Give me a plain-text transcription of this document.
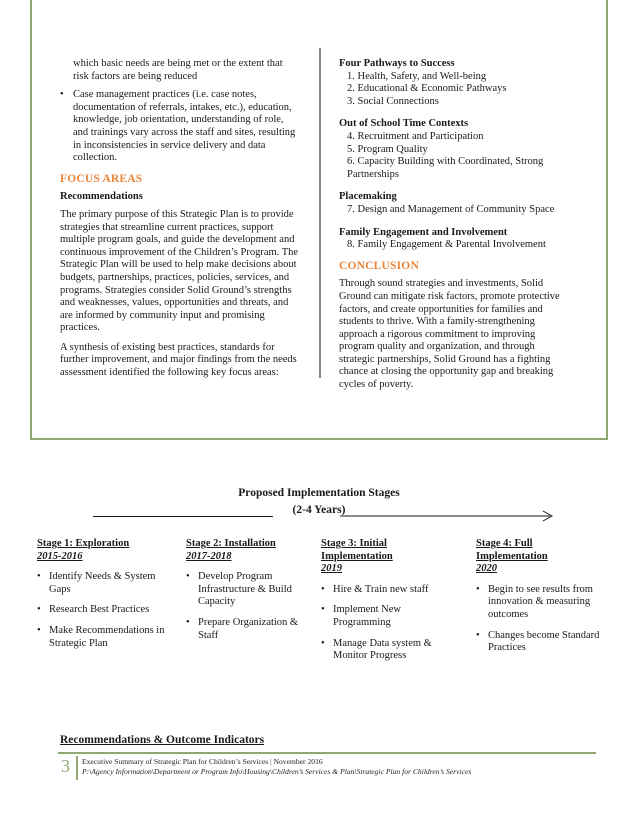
which basic needs are being met or the extent that risk factors are being reduced

• Case management practices (i.e. case notes, documentation of referrals, intakes, etc.), education, knowledge, job orientation, understanding of role, and trainings vary across the staff and sites, resulting in inconsistencies in service delivery and data collection.
FOCUS AREAS
Recommendations

The primary purpose of this Strategic Plan is to provide strategies that streamline current practices, support multiple program goals, and guide the development and continuous improvement of the Children’s Program. The Strategic Plan will be used to help make decisions about budgets, partnerships, practices, policies, services, and programs. Strategies consider Solid Ground’s strengths and weaknesses, values, opportunities and threats, and are informed by community input and promising practices.

A synthesis of existing best practices, standards for further improvement, and major findings from the needs assessment identified the following key focus areas:

Four Pathways to Success
1. Health, Safety, and Well-being
2. Educational & Economic Pathways
3. Social Connections
Out of School Time Contexts
4. Recruitment and Participation
5. Program Quality
6. Capacity Building with Coordinated, Strong Partnerships
Placemaking
7. Design and Management of Community Space
Family Engagement and Involvement
8. Family Engagement & Parental Involvement
CONCLUSION

Through sound strategies and investments, Solid Ground can mitigate risk factors, promote protective factors, and create opportunities for families and students to thrive. With a family-strengthening approach a rigorous commitment to improving program quality and organization, and through strategic partnerships, Solid Ground has a fighting chance at closing the opportunity gap and breaking cycles of poverty.

Proposed Implementation Stages
(2-4 Years)
Stage 1: Exploration
2015-2016
• Identify Needs & System Gaps
• Research Best Practices
• Make Recommendations in Strategic Plan
Stage 2: Installation
2017-2018
• Develop Program Infrastructure & Build Capacity
• Prepare Organization & Staff
Stage 3: Initial Implementation
2019
• Hire & Train new staff
• Implement New Programming
• Manage Data system & Monitor Progress
Stage 4: Full Implementation
2020
• Begin to see results from innovation & measuring outcomes
• Changes become Standard Practices
Recommendations & Outcome Indicators
3 Executive Summary of Strategic Plan for Children’s Services | November 2016
P:\Agency Information\Department or Program Info\Housing\Children’s Services & Plan\Strategic Plan for Children’s Services
